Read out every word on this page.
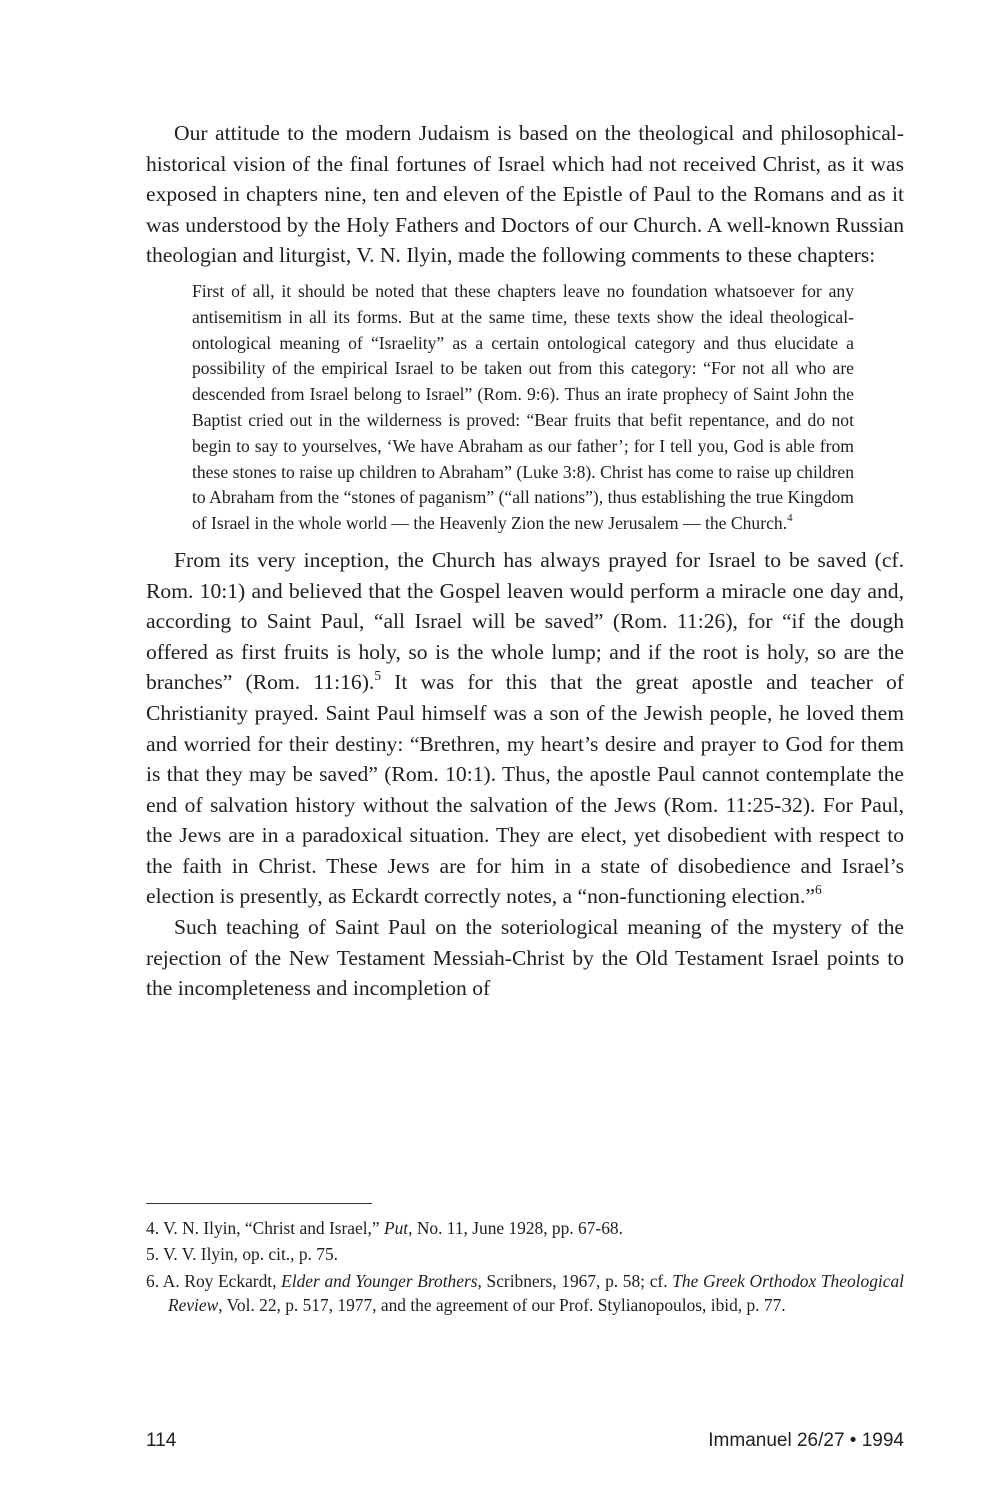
Our attitude to the modern Judaism is based on the theological and philosophical-historical vision of the final fortunes of Israel which had not received Christ, as it was exposed in chapters nine, ten and eleven of the Epistle of Paul to the Romans and as it was understood by the Holy Fathers and Doctors of our Church. A well-known Russian theologian and liturgist, V. N. Ilyin, made the following comments to these chapters:

First of all, it should be noted that these chapters leave no foundation whatsoever for any antisemitism in all its forms. But at the same time, these texts show the ideal theological-ontological meaning of “Israelity” as a certain ontological category and thus elucidate a possibility of the empirical Israel to be taken out from this category: “For not all who are descended from Israel belong to Israel” (Rom. 9:6). Thus an irate prophecy of Saint John the Baptist cried out in the wilderness is proved: “Bear fruits that befit repentance, and do not begin to say to yourselves, ‘We have Abraham as our father’; for I tell you, God is able from these stones to raise up children to Abraham” (Luke 3:8). Christ has come to raise up children to Abraham from the “stones of paganism” (“all nations”), thus establishing the true Kingdom of Israel in the whole world — the Heavenly Zion the new Jerusalem — the Church.$^4$

From its very inception, the Church has always prayed for Israel to be saved (cf. Rom. 10:1) and believed that the Gospel leaven would perform a miracle one day and, according to Saint Paul, “all Israel will be saved” (Rom. 11:26), for “if the dough offered as first fruits is holy, so is the whole lump; and if the root is holy, so are the branches” (Rom. 11:16).$^5$ It was for this that the great apostle and teacher of Christianity prayed. Saint Paul himself was a son of the Jewish people, he loved them and worried for their destiny: “Brethren, my heart’s desire and prayer to God for them is that they may be saved” (Rom. 10:1). Thus, the apostle Paul cannot contemplate the end of salvation history without the salvation of the Jews (Rom. 11:25-32). For Paul, the Jews are in a paradoxical situation. They are elect, yet disobedient with respect to the faith in Christ. These Jews are for him in a state of disobedience and Israel’s election is presently, as Eckardt correctly notes, a “non-functioning election.”$^6$

Such teaching of Saint Paul on the soteriological meaning of the mystery of the rejection of the New Testament Messiah-Christ by the Old Testament Israel points to the incompleteness and incompletion of

4. V. N. Ilyin, “Christ and Israel,” Put, No. 11, June 1928, pp. 67-68.

5. V. V. Ilyin, op. cit., p. 75.

6. A. Roy Eckardt, Elder and Younger Brothers, Scribners, 1967, p. 58; cf. The Greek Orthodox Theological Review, Vol. 22, p. 517, 1977, and the agreement of our Prof. Stylianopoulos, ibid, p. 77.

114	Immanuel 26/27 • 1994
